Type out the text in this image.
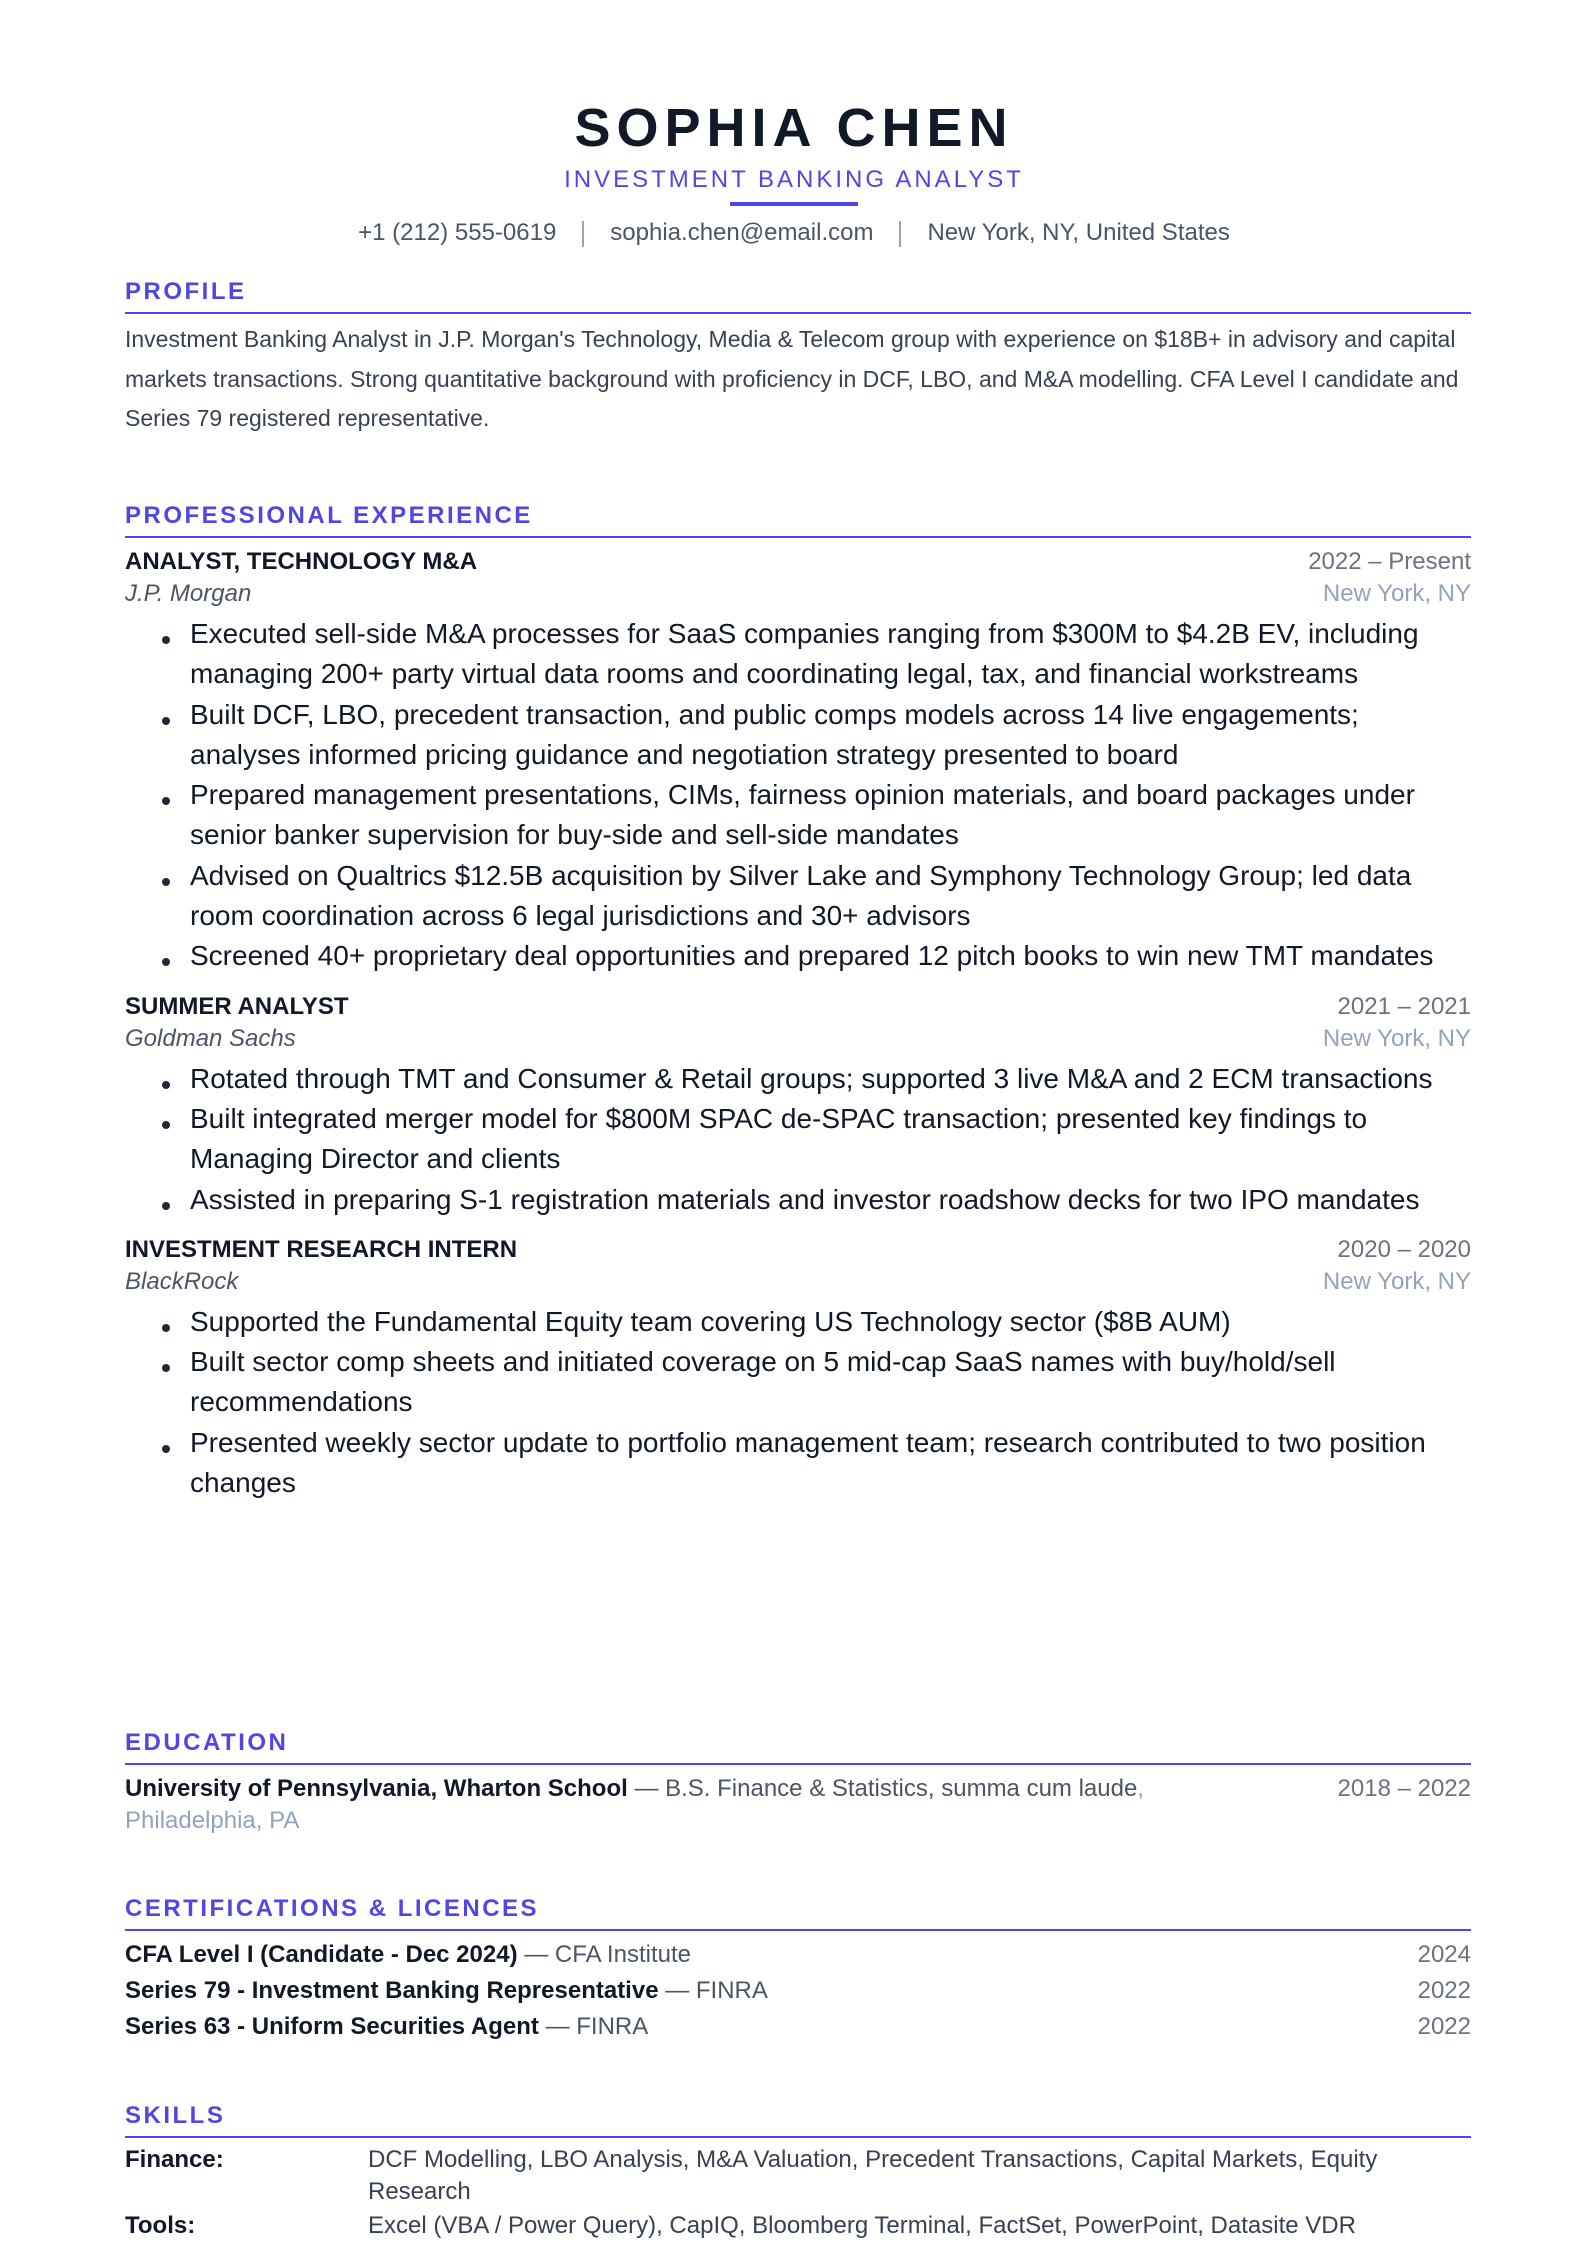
SOPHIA CHEN
INVESTMENT BANKING ANALYST
+1 (212) 555-0619 sophia.chen@email.com New York, NY, United States
PROFILE
Investment Banking Analyst in J.P. Morgan's Technology, Media & Telecom group with experience on $18B+ in advisory and capital markets transactions. Strong quantitative background with proficiency in DCF, LBO, and M&A modelling. CFA Level I candidate and Series 79 registered representative.
PROFESSIONAL EXPERIENCE
ANALYST, TECHNOLOGY M&A	2022 – Present
J.P. Morgan	New York, NY
Executed sell-side M&A processes for SaaS companies ranging from $300M to $4.2B EV, including managing 200+ party virtual data rooms and coordinating legal, tax, and financial workstreams
Built DCF, LBO, precedent transaction, and public comps models across 14 live engagements; analyses informed pricing guidance and negotiation strategy presented to board
Prepared management presentations, CIMs, fairness opinion materials, and board packages under senior banker supervision for buy-side and sell-side mandates
Advised on Qualtrics $12.5B acquisition by Silver Lake and Symphony Technology Group; led data room coordination across 6 legal jurisdictions and 30+ advisors
Screened 40+ proprietary deal opportunities and prepared 12 pitch books to win new TMT mandates
SUMMER ANALYST	2021 – 2021
Goldman Sachs	New York, NY
Rotated through TMT and Consumer & Retail groups; supported 3 live M&A and 2 ECM transactions
Built integrated merger model for $800M SPAC de-SPAC transaction; presented key findings to Managing Director and clients
Assisted in preparing S-1 registration materials and investor roadshow decks for two IPO mandates
INVESTMENT RESEARCH INTERN	2020 – 2020
BlackRock	New York, NY
Supported the Fundamental Equity team covering US Technology sector ($8B AUM)
Built sector comp sheets and initiated coverage on 5 mid-cap SaaS names with buy/hold/sell recommendations
Presented weekly sector update to portfolio management team; research contributed to two position changes
EDUCATION
University of Pennsylvania, Wharton School — B.S. Finance & Statistics, summa cum laude,
Philadelphia, PA
2018 – 2022
CERTIFICATIONS & LICENCES
CFA Level I (Candidate - Dec 2024) — CFA Institute	2024
Series 79 - Investment Banking Representative — FINRA	2022
Series 63 - Uniform Securities Agent — FINRA	2022
SKILLS
Finance:	DCF Modelling, LBO Analysis, M&A Valuation, Precedent Transactions, Capital Markets, Equity Research
Tools:	Excel (VBA / Power Query), CapIQ, Bloomberg Terminal, FactSet, PowerPoint, Datasite VDR
